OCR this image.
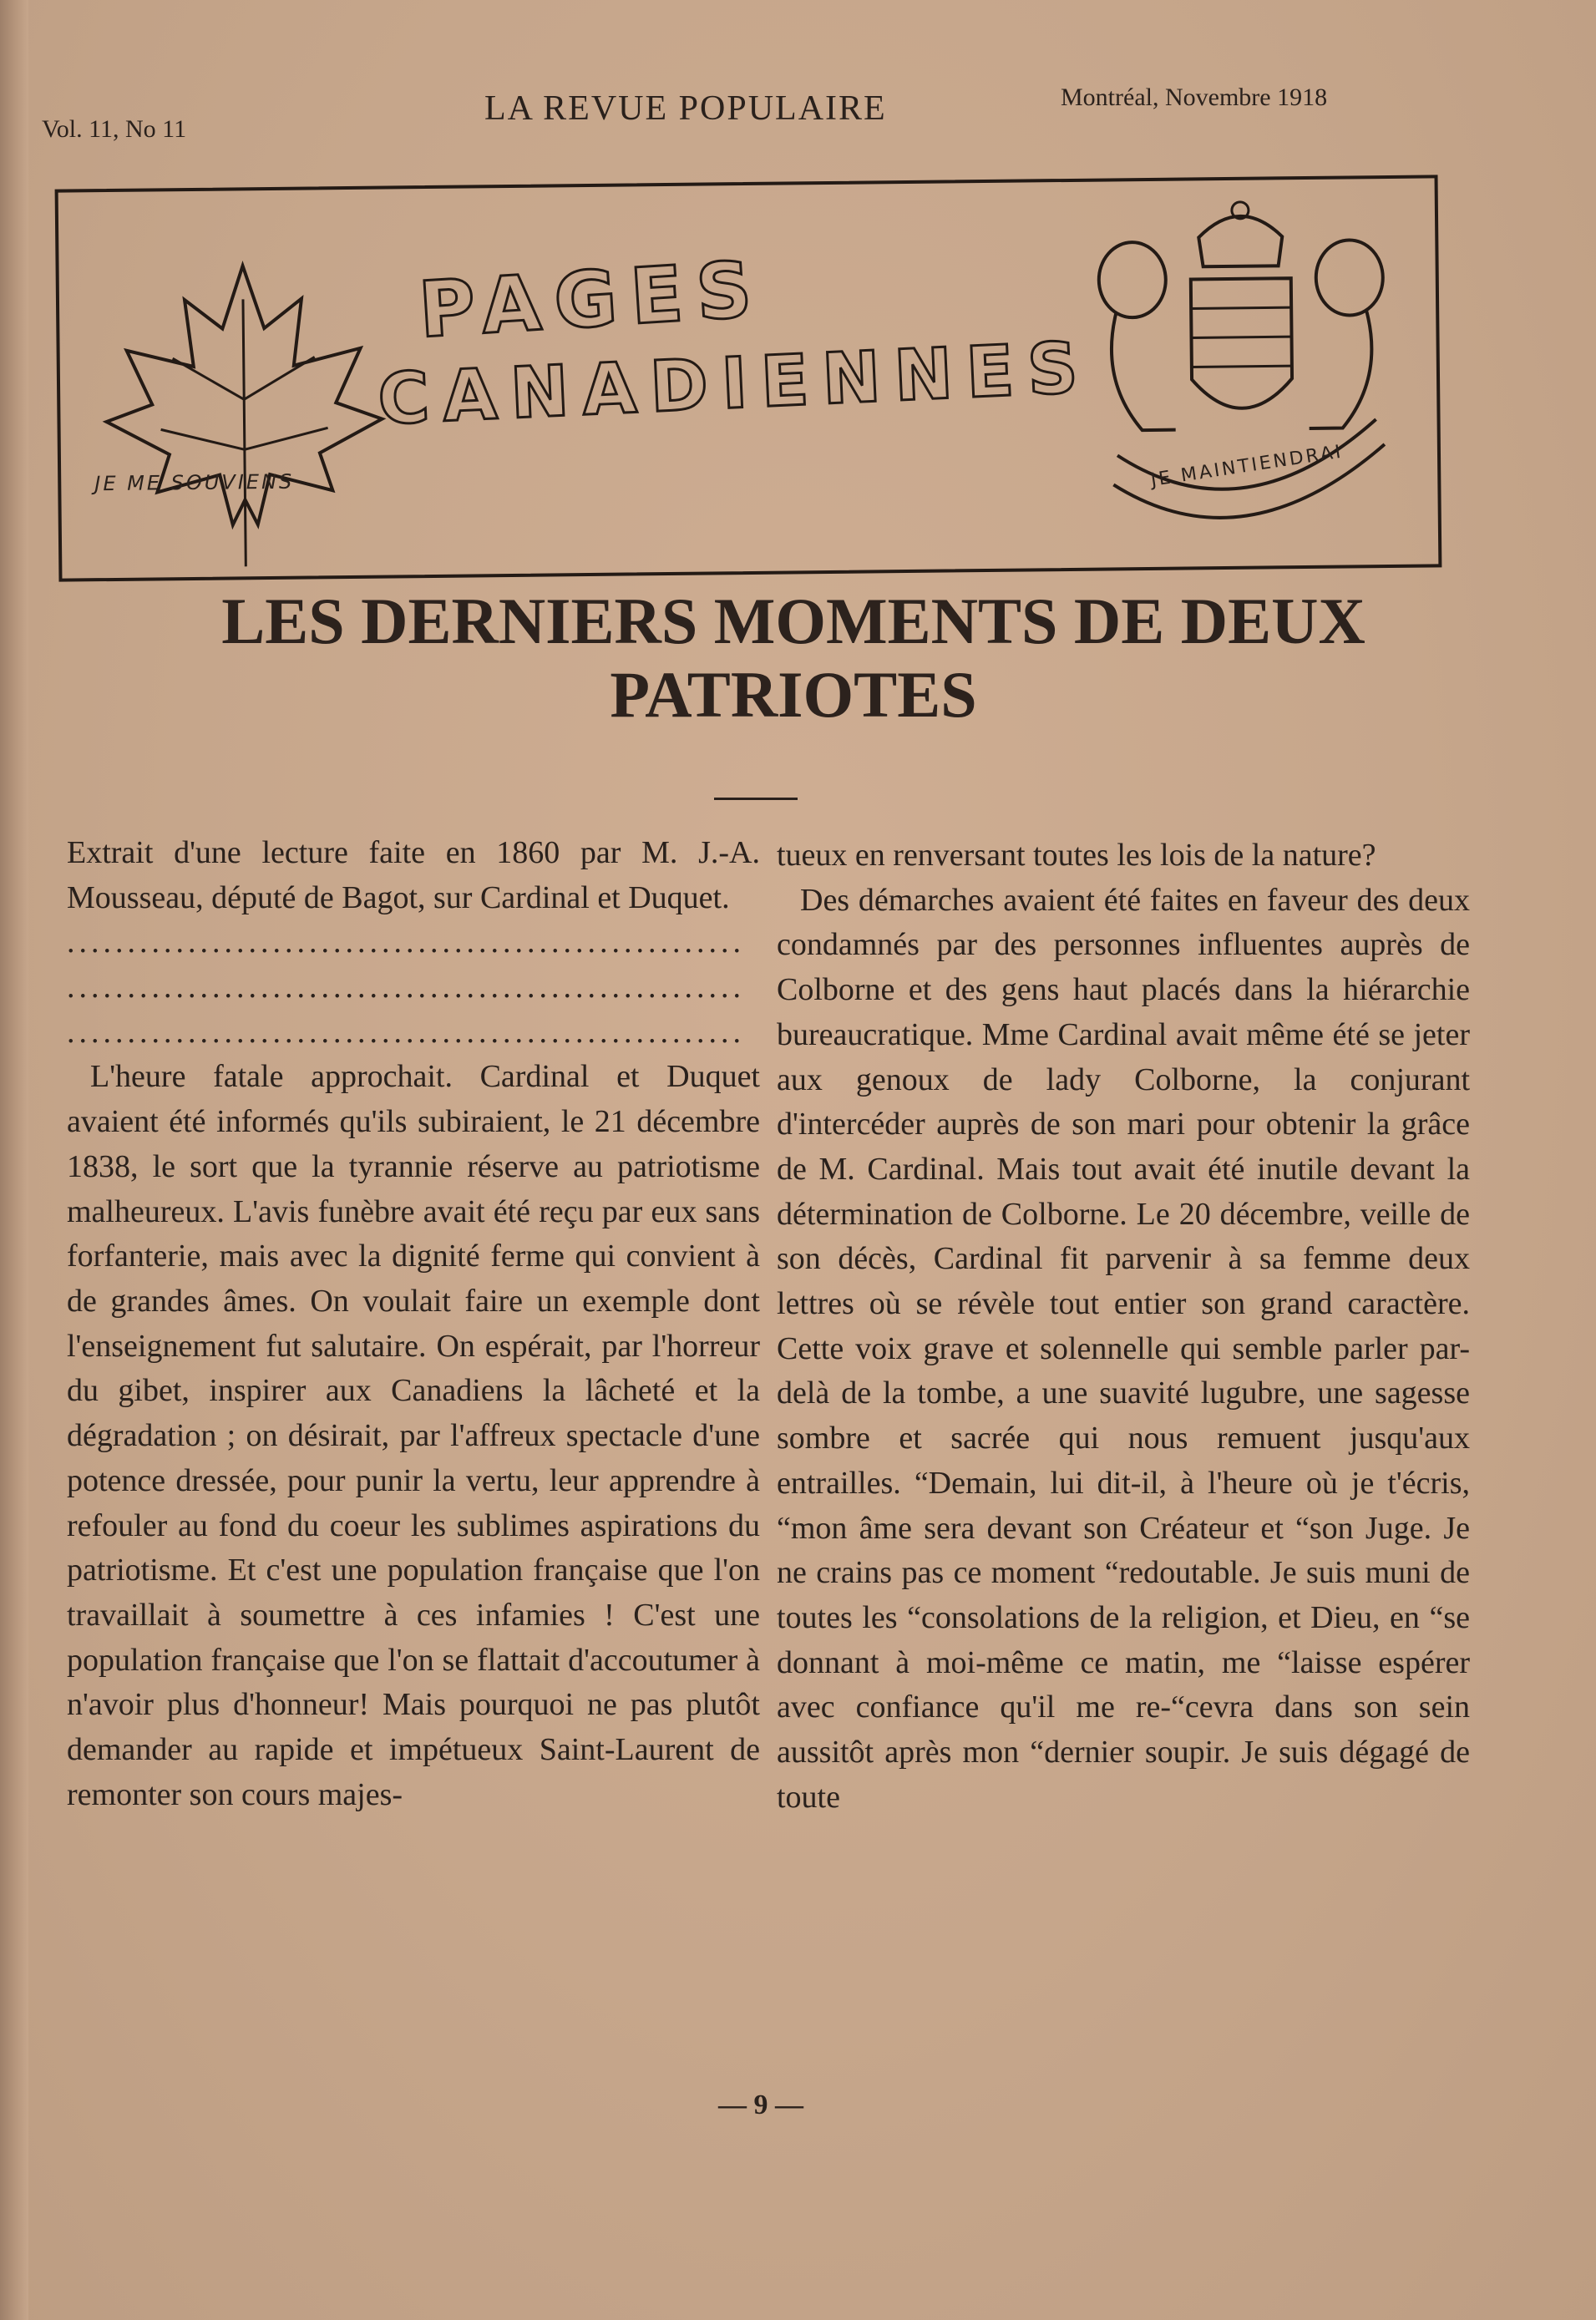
Vol. 11, No 11
LA REVUE POPULAIRE	Montréal, Novembre 1918
JE ME SOUVIENS
PAGES
CANADIENNES
JE MAINTIENDRAI
LES DERNIERS MOMENTS DE DEUX PATRIOTES

Extrait d'une lecture faite en 1860 par M. J.-A. Mousseau, député de Bagot, sur Cardinal et Duquet.

........................................................

........................................................

........................................................

L'heure fatale approchait. Cardinal et Duquet avaient été informés qu'ils subiraient, le 21 décembre 1838, le sort que la tyrannie réserve au patriotisme malheureux. L'avis funèbre avait été reçu par eux sans forfanterie, mais avec la dignité ferme qui convient à de grandes âmes. On voulait faire un exemple dont l'enseignement fut salutaire. On espérait, par l'horreur du gibet, inspirer aux Canadiens la lâcheté et la dégradation ; on désirait, par l'affreux spectacle d'une potence dressée, pour punir la vertu, leur apprendre à refouler au fond du coeur les sublimes aspirations du patriotisme. Et c'est une population française que l'on travaillait à soumettre à ces infamies ! C'est une population française que l'on se flattait d'accoutumer à n'avoir plus d'honneur! Mais pourquoi ne pas plutôt demander au rapide et impétueux Saint-Laurent de remonter son cours majes-

tueux en renversant toutes les lois de la nature?

Des démarches avaient été faites en faveur des deux condamnés par des personnes influentes auprès de Colborne et des gens haut placés dans la hiérarchie bureaucratique. Mme Cardinal avait même été se jeter aux genoux de lady Colborne, la conjurant d'intercéder auprès de son mari pour obtenir la grâce de M. Cardinal. Mais tout avait été inutile devant la détermination de Colborne. Le 20 décembre, veille de son décès, Cardinal fit parvenir à sa femme deux lettres où se révèle tout entier son grand caractère. Cette voix grave et solennelle qui semble parler par-delà de la tombe, a une suavité lugubre, une sagesse sombre et sacrée qui nous remuent jusqu'aux entrailles. “Demain, lui dit-il, à l'heure où je t'écris, “mon âme sera devant son Créateur et “son Juge. Je ne crains pas ce moment “redoutable. Je suis muni de toutes les “consolations de la religion, et Dieu, en “se donnant à moi-même ce matin, me “laisse espérer avec confiance qu'il me re-“cevra dans son sein aussitôt après mon “dernier soupir. Je suis dégagé de toute

— 9 —
